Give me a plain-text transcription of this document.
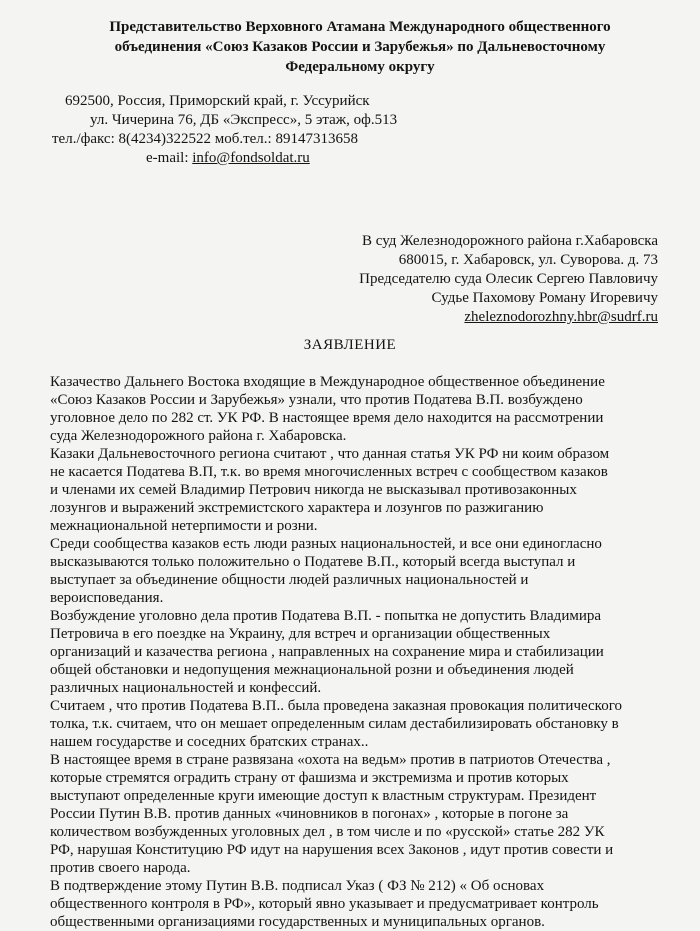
Представительство Верховного Атамана Международного общественного
объединения «Союз Казаков России и Зарубежья» по Дальневосточному
Федеральному округу
692500, Россия, Приморский край, г. Уссурийск
ул. Чичерина 76, ДБ «Экспресс», 5 этаж, оф.513
тел./факс: 8(4234)322522 моб.тел.: 89147313658
e-mail: info@fondsoldat.ru
В суд Железнодорожного района г.Хабаровска
680015, г. Хабаровск, ул. Суворова. д. 73
Председателю суда Олесик Сергею Павловичу
Судье Пахомову Роману Игоревичу
zheleznodorozhny.hbr@sudrf.ru
ЗАЯВЛЕНИЕ
Казачество Дальнего Востока входящие в Международное общественное объединение
«Союз Казаков России и Зарубежья» узнали, что против Податева В.П. возбуждено
уголовное дело по 282 ст. УК РФ. В настоящее время дело находится на рассмотрении
суда Железнодорожного района г. Хабаровска.
Казаки Дальневосточного региона считают , что данная статья УК РФ ни коим образом
не касается Податева В.П, т.к. во время многочисленных встреч с сообществом казаков
и членами их семей Владимир Петрович никогда не высказывал противозаконных
лозунгов и выражений экстремистского характера и лозунгов по разжиганию
межнациональной нетерпимости и розни.
Среди сообщества казаков есть люди разных национальностей, и все они единогласно
высказываются только положительно о Податеве В.П., который всегда выступал и
выступает за объединение общности людей различных национальностей и
вероисповедания.
Возбуждение уголовно дела против Податева В.П. - попытка не допустить Владимира
Петровича в его поездке на Украину, для встреч и организации общественных
организаций и казачества региона , направленных на сохранение мира и стабилизации
общей обстановки и недопущения межнациональной розни и объединения людей
различных национальностей и конфессий.
Считаем , что против Податева В.П.. была проведена заказная провокация политического
толка, т.к. считаем, что он мешает определенным силам дестабилизировать обстановку в
нашем государстве и соседних братских странах..
В настоящее время в стране развязана «охота на ведьм» против в патриотов Отечества ,
которые стремятся оградить страну от фашизма и экстремизма и против которых
выступают определенные круги имеющие доступ к властным структурам. Президент
России Путин В.В. против данных «чиновников в погонах» , которые в погоне за
количеством возбужденных уголовных дел , в том числе и по «русской» статье 282 УК
РФ, нарушая Конституцию РФ идут на нарушения всех Законов , идут против совести и
против своего народа.
В подтверждение этому Путин В.В. подписал Указ ( ФЗ № 212) « Об основах
общественного контроля в РФ», который явно указывает и предусматривает контроль
общественными организациями государственных и муниципальных органов.
